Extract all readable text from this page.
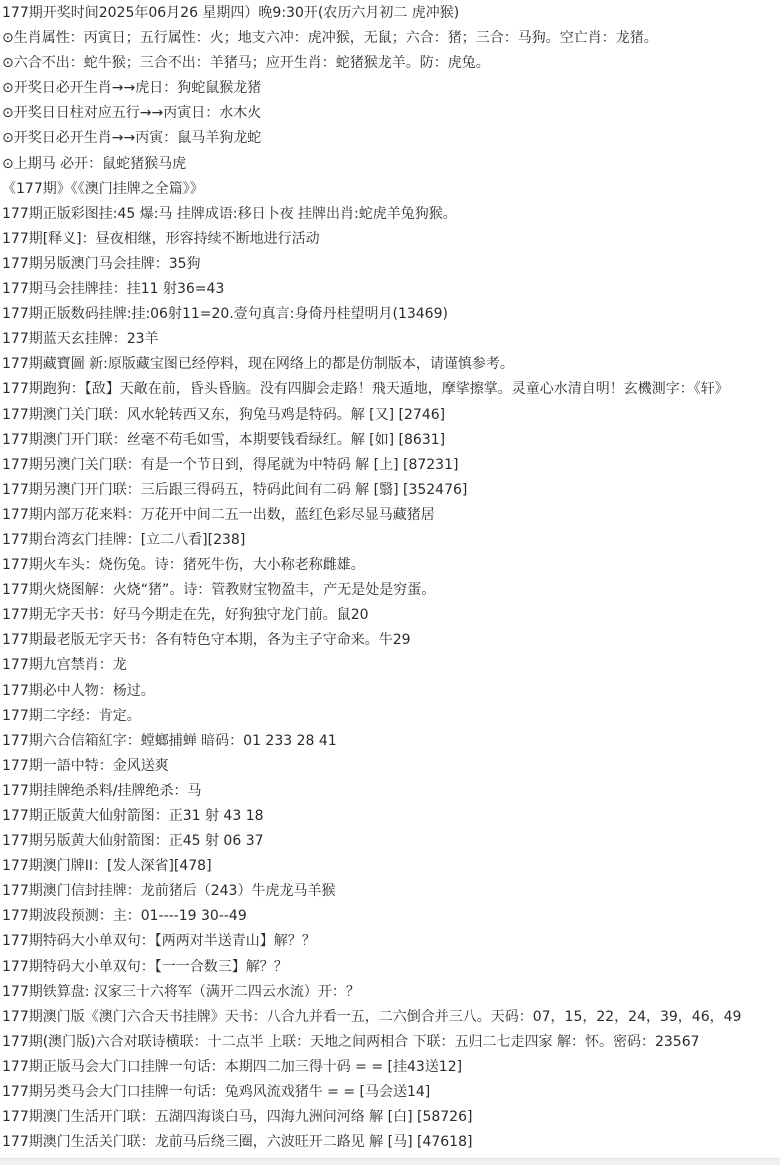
177期开奖时间2025年06月26 星期四）晚9:30开(农历六月初二 虎冲猴)
⊙生肖属性：丙寅日；五行属性：火；地支六冲：虎冲猴，无鼠；六合：猪；三合：马狗。空亡肖：龙猪。
⊙六合不出：蛇牛猴；三合不出：羊猪马；应开生肖：蛇猪猴龙羊。防：虎兔。
⊙开奖日必开生肖→→虎日：狗蛇鼠猴龙猪
⊙开奖日日柱对应五行→→丙寅日：水木火
⊙开奖日必开生肖→→丙寅：鼠马羊狗龙蛇
⊙上期马 必开：鼠蛇猪猴马虎
《177期》《《澳门挂牌之全篇》》
177期正版彩图挂:45 爆:马 挂牌成语:移日卜夜 挂牌出肖:蛇虎羊兔狗猴。
177期[释义]：昼夜相继，形容持续不断地进行活动
177期另版澳门马会挂牌：35狗
177期马会挂牌挂：挂11 射36=43
177期正版数码挂牌:挂:06射11=20.壹句真言:身倚丹桂望明月(13469)
177期蓝天玄挂牌：23羊
177期藏寶圖 新:原版藏宝图已经停料，现在网络上的都是仿制版本，请谨慎参考。
177期跑狗：【敌】天敵在前，昏头昏脑。没有四脚会走路！飛天遁地，摩挲擦掌。灵童心水清自明！玄機測字：《轩》
177期澳门关门联：风水轮转西又东，狗兔马鸡是特码。解 [又] [2746]
177期澳门开门联：丝毫不苟毛如雪，本期要钱看绿红。解 [如] [8631]
177期另澳门关门联：有是一个节日到，得尾就为中特码 解 [上] [87231]
177期另澳门开门联：三后跟三得码五，特码此间有二码 解 [翳] [352476]
177期内部万花来料：万花开中间二五一出数，蓝红色彩尽显马藏猪居
177期台湾玄门挂牌：[立二八看][238]
177期火车头：烧伤兔。诗：猪死牛伤，大小称老称雌雄。
177期火烧图解：火烧“猪”。诗：管教财宝物盈丰，产无是处是穷蛋。
177期无字天书：好马今期走在先，好狗独守龙门前。鼠20
177期最老版无字天书：各有特色守本期，各为主子守命来。牛29
177期九宫禁肖：龙
177期必中人物：杨过。
177期二字经：肯定。
177期六合信箱紅字：螳螂捕蝉 暗码：01 233 28 41
177期一語中特：金风送爽
177期挂牌绝杀料/挂牌绝杀：马
177期正版黄大仙射箭图：正31 射 43 18
177期另版黄大仙射箭图：正45 射 06 37
177期澳门牌II：[发人深省][478]
177期澳门信封挂牌：龙前猪后（243）牛虎龙马羊猴
177期波段预测：主：01----19 30--49
177期特码大小单双句：【两两对半送青山】解？？
177期特码大小单双句：【一一合数三】解？？
177期铁算盘: 汉家三十六将军（满开二四云水流）开：？
177期澳门版《澳门六合天书挂牌》天书：八合九并看一五，二六倒合并三八。天码：07，15，22，24，39，46，49
177期(澳门版)六合对联诗横联：十二点半 上联：天地之间两相合 下联：五归二七走四家 解：怀。密码：23567
177期正版马会大门口挂牌一句话：本期四二加三得十码 = = [挂43送12]
177期另类马会大门口挂牌一句话：兔鸡风流戏猪牛 = = [马会送14]
177期澳门生活开门联：五湖四海谈白马，四海九洲问河络 解 [白] [58726]
177期澳门生活关门联：龙前马后绕三圈，六波旺开二路见 解 [马] [47618]
